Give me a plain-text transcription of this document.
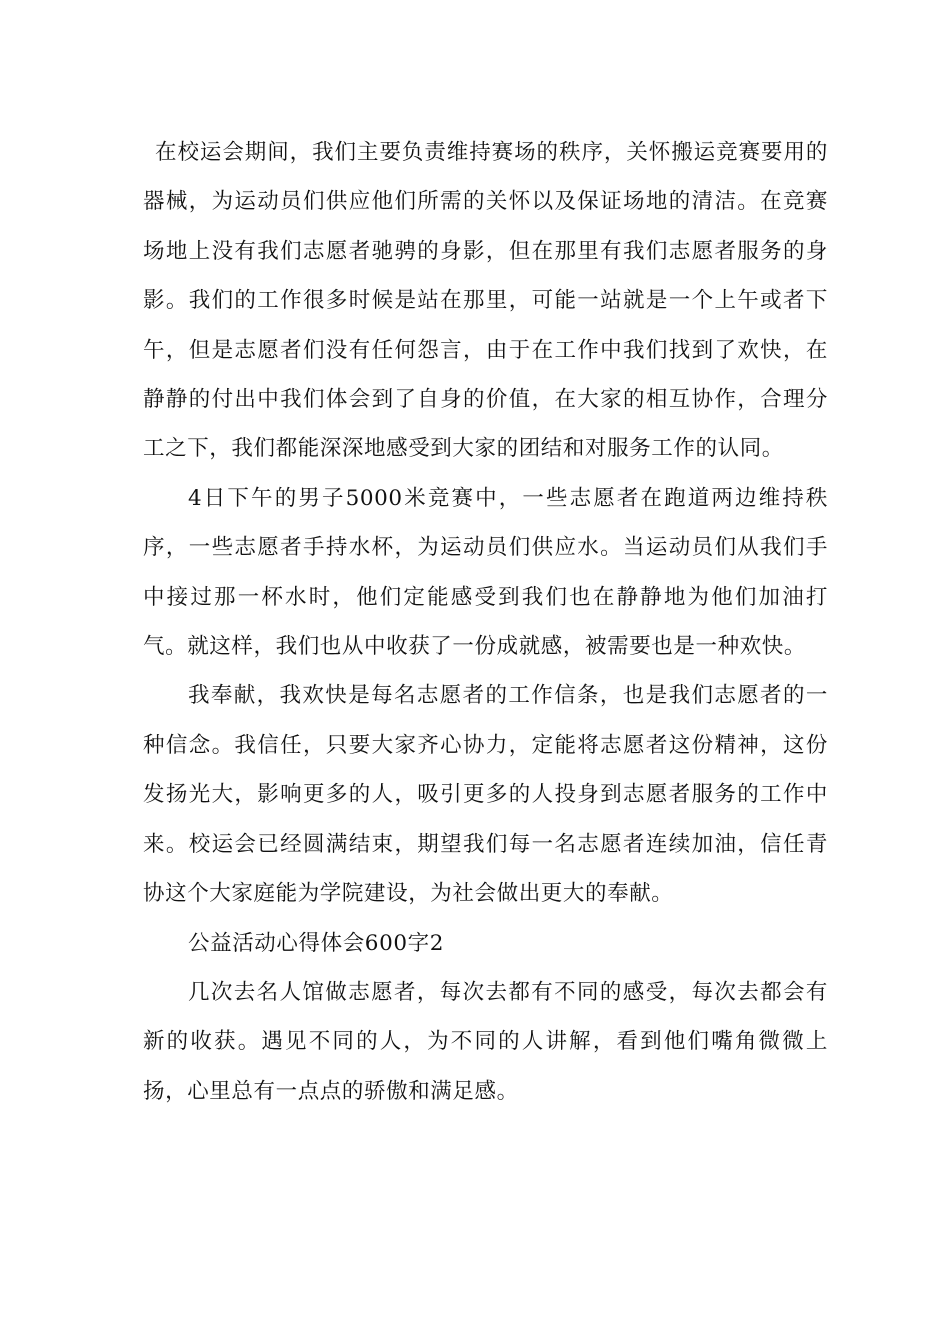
在校运会期间，我们主要负责维持赛场的秩序，关怀搬运竞赛要用的器械，为运动员们供应他们所需的关怀以及保证场地的清洁。在竞赛场地上没有我们志愿者驰骋的身影，但在那里有我们志愿者服务的身影。我们的工作很多时候是站在那里，可能一站就是一个上午或者下午，但是志愿者们没有任何怨言，由于在工作中我们找到了欢快，在静静的付出中我们体会到了自身的价值，在大家的相互协作，合理分工之下，我们都能深深地感受到大家的团结和对服务工作的认同。

4日下午的男子5000米竞赛中，一些志愿者在跑道两边维持秩序，一些志愿者手持水杯，为运动员们供应水。当运动员们从我们手中接过那一杯水时，他们定能感受到我们也在静静地为他们加油打气。就这样，我们也从中收获了一份成就感，被需要也是一种欢快。

我奉献，我欢快是每名志愿者的工作信条，也是我们志愿者的一种信念。我信任，只要大家齐心协力，定能将志愿者这份精神，这份发扬光大，影响更多的人，吸引更多的人投身到志愿者服务的工作中来。校运会已经圆满结束，期望我们每一名志愿者连续加油，信任青协这个大家庭能为学院建设，为社会做出更大的奉献。

公益活动心得体会600字2

几次去名人馆做志愿者，每次去都有不同的感受，每次去都会有新的收获。遇见不同的人，为不同的人讲解，看到他们嘴角微微上扬，心里总有一点点的骄傲和满足感。
